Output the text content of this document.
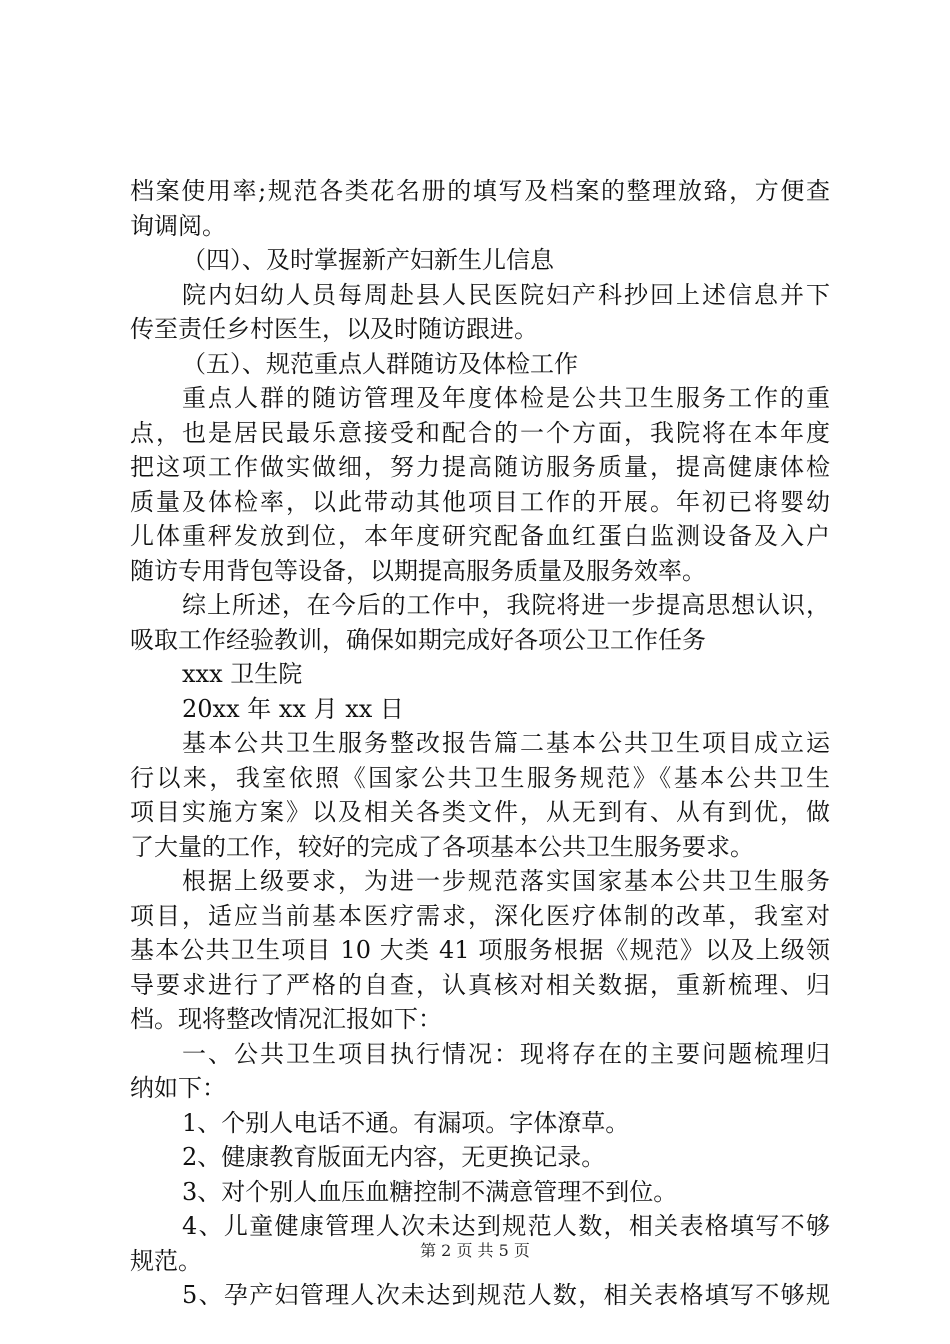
档案使用率;规范各类花名册的填写及档案的整理放臵，方便查
询调阅。
（四）、及时掌握新产妇新生儿信息
院内妇幼人员每周赴县人民医院妇产科抄回上述信息并下
传至责任乡村医生，以及时随访跟进。
（五）、规范重点人群随访及体检工作
重点人群的随访管理及年度体检是公共卫生服务工作的重
点，也是居民最乐意接受和配合的一个方面，我院将在本年度
把这项工作做实做细，努力提高随访服务质量，提高健康体检
质量及体检率，以此带动其他项目工作的开展。年初已将婴幼
儿体重秤发放到位，本年度研究配备血红蛋白监测设备及入户
随访专用背包等设备，以期提高服务质量及服务效率。
综上所述，在今后的工作中，我院将进一步提高思想认识，
吸取工作经验教训，确保如期完成好各项公卫工作任务
xxx 卫生院
20xx 年 xx 月 xx 日
基本公共卫生服务整改报告篇二基本公共卫生项目成立运
行以来，我室依照《国家公共卫生服务规范》《基本公共卫生
项目实施方案》以及相关各类文件，从无到有、从有到优，做
了大量的工作，较好的完成了各项基本公共卫生服务要求。
根据上级要求，为进一步规范落实国家基本公共卫生服务
项目，适应当前基本医疗需求，深化医疗体制的改革，我室对
基本公共卫生项目 10 大类 41 项服务根据《规范》以及上级领
导要求进行了严格的自查，认真核对相关数据，重新梳理、归
档。现将整改情况汇报如下：
一、公共卫生项目执行情况：现将存在的主要问题梳理归
纳如下：
1、个别人电话不通。有漏项。字体潦草。
2、健康教育版面无内容，无更换记录。
3、对个别人血压血糖控制不满意管理不到位。
4、儿童健康管理人次未达到规范人数，相关表格填写不够
规范。
5、孕产妇管理人次未达到规范人数，相关表格填写不够规
第 2 页 共 5 页
